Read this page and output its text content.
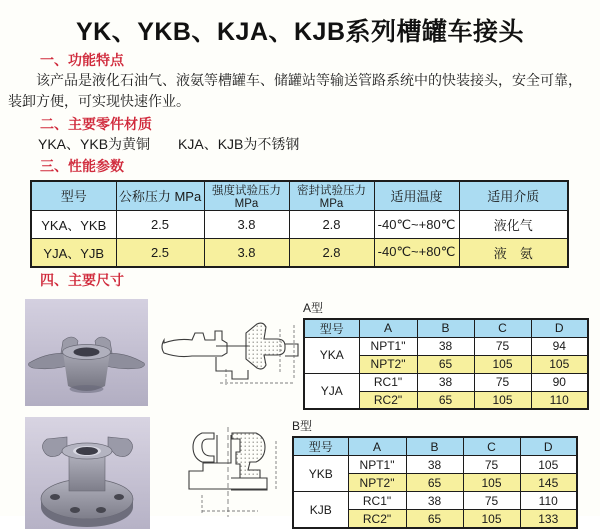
YK、YKB、KJA、KJB系列槽罐车接头
一、功能特点
该产品是液化石油气、液氨等槽罐车、储罐站等输送管路系统中的快装接头，安全可靠，装卸方便，可实现快速作业。
二、主要零件材质
YKA、YKB为黄铜　　KJA、KJB为不锈钢
三、性能参数
型号	公称压力 MPa	强度试验压力MPa	密封试验压力MPa	适用温度	适用介质
YKA、YKB	2.5	3.8	2.8	-40℃~+80℃	液化气
YJA、YJB	2.5	3.8	2.8	-40℃~+80℃	液　氨
四、主要尺寸
A型
型号	A	B	C	D
YKA	NPT1"	38	75	94
	NPT2"	65	105	105
YJA	RC1"	38	75	90
	RC2"	65	105	110
B型
型号	A	B	C	D
YKB	NPT1"	38	75	105
	NPT2"	65	105	145
KJB	RC1"	38	75	110
	RC2"	65	105	133
